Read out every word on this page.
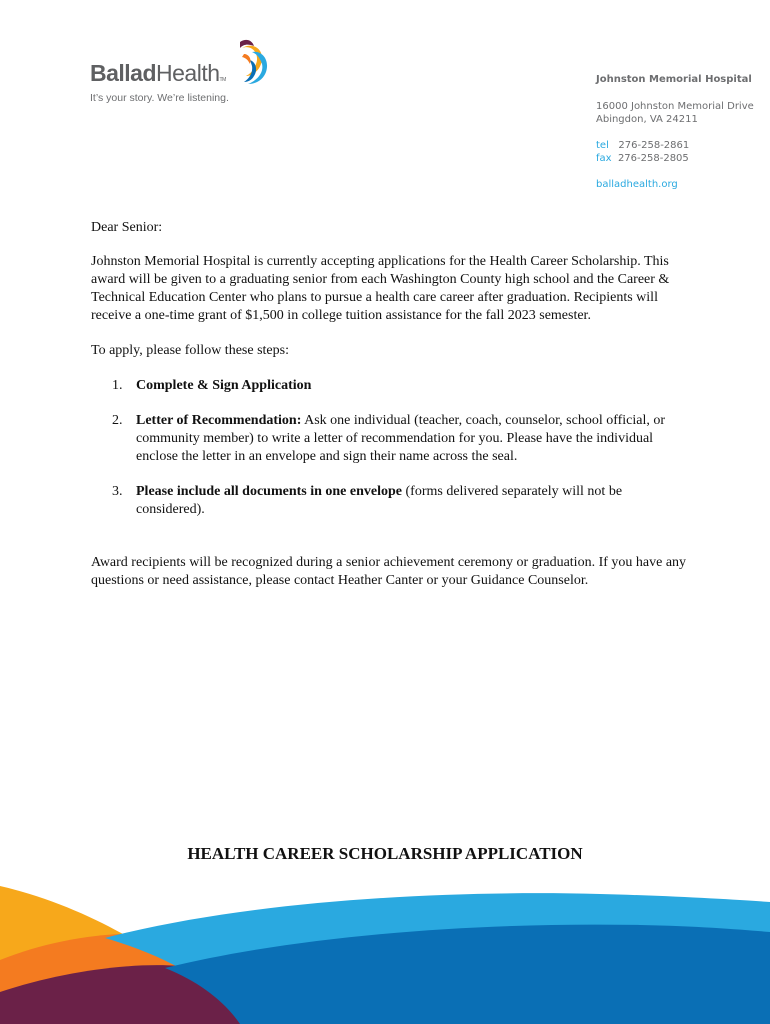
BalladHealthTM
It’s your story. We’re listening.
Johnston Memorial Hospital
16000 Johnston Memorial Drive
Abingdon, VA 24211
tel 276-258-2861
fax 276-258-2805
balladhealth.org

Dear Senior:

Johnston Memorial Hospital is currently accepting applications for the Health Career Scholarship. This award will be given to a graduating senior from each Washington County high school and the Career & Technical Education Center who plans to pursue a health care career after graduation. Recipients will receive a one-time grant of $1,500 in college tuition assistance for the fall 2023 semester.

To apply, please follow these steps:

1. Complete & Sign Application
2. Letter of Recommendation: Ask one individual (teacher, coach, counselor, school official, or community member) to write a letter of recommendation for you. Please have the individual enclose the letter in an envelope and sign their name across the seal.
3. Please include all documents in one envelope (forms delivered separately will not be considered).

Award recipients will be recognized during a senior achievement ceremony or graduation. If you have any questions or need assistance, please contact Heather Canter or your Guidance Counselor.

HEALTH CAREER SCHOLARSHIP APPLICATION
